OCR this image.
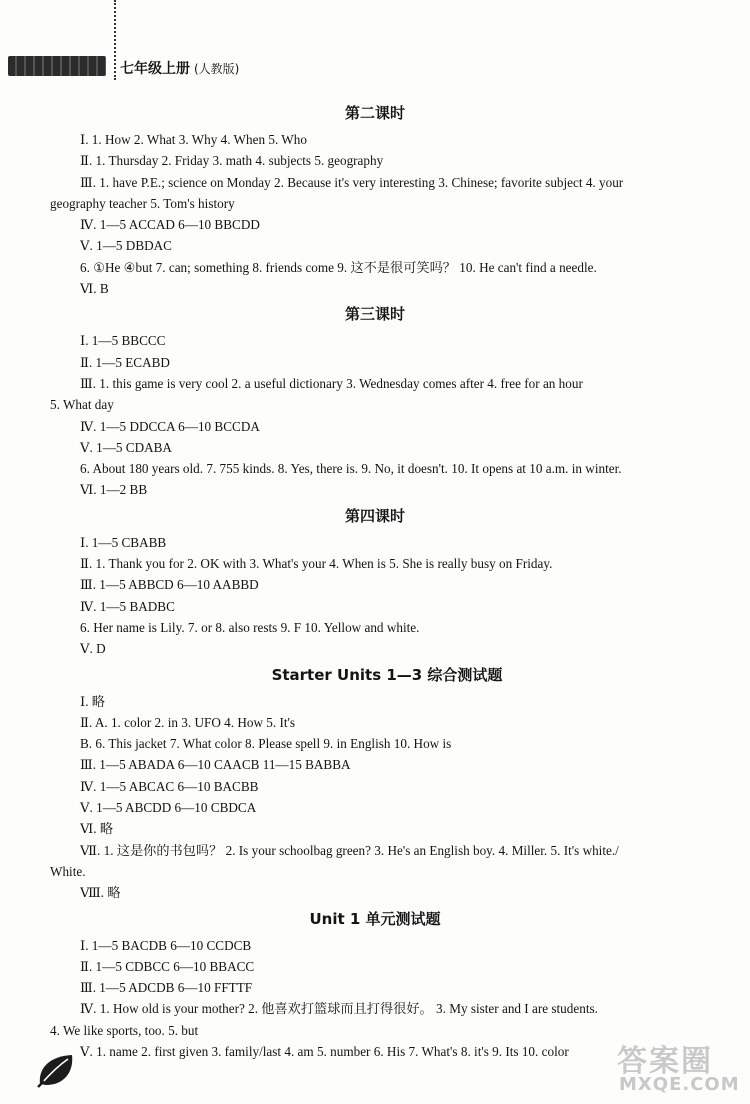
七年级上册 (人教版)
第二课时
Ⅰ. 1. How 2. What 3. Why 4. When 5. Who
Ⅱ. 1. Thursday 2. Friday 3. math 4. subjects 5. geography
Ⅲ. 1. have P.E.; science on Monday 2. Because it's very interesting 3. Chinese; favorite subject 4. your
geography teacher 5. Tom's history
Ⅳ. 1—5 ACCAD 6—10 BBCDD
Ⅴ. 1—5 DBDAC
6. ①He ④but 7. can; something 8. friends come 9. 这不是很可笑吗？ 10. He can't find a needle.
Ⅵ. B
第三课时
Ⅰ. 1—5 BBCCC
Ⅱ. 1—5 ECABD
Ⅲ. 1. this game is very cool 2. a useful dictionary 3. Wednesday comes after 4. free for an hour
5. What day
Ⅳ. 1—5 DDCCA 6—10 BCCDA
Ⅴ. 1—5 CDABA
6. About 180 years old. 7. 755 kinds. 8. Yes, there is. 9. No, it doesn't. 10. It opens at 10 a.m. in winter.
Ⅵ. 1—2 BB
第四课时
Ⅰ. 1—5 CBABB
Ⅱ. 1. Thank you for 2. OK with 3. What's your 4. When is 5. She is really busy on Friday.
Ⅲ. 1—5 ABBCD 6—10 AABBD
Ⅳ. 1—5 BADBC
6. Her name is Lily. 7. or 8. also rests 9. F 10. Yellow and white.
Ⅴ. D
Starter Units 1—3 综合测试题
Ⅰ. 略
Ⅱ. A. 1. color 2. in 3. UFO 4. How 5. It's
B. 6. This jacket 7. What color 8. Please spell 9. in English 10. How is
Ⅲ. 1—5 ABADA 6—10 CAACB 11—15 BABBA
Ⅳ. 1—5 ABCAC 6—10 BACBB
Ⅴ. 1—5 ABCDD 6—10 CBDCA
Ⅵ. 略
Ⅶ. 1. 这是你的书包吗？ 2. Is your schoolbag green? 3. He's an English boy. 4. Miller. 5. It's white./
White.
Ⅷ. 略
Unit 1 单元测试题
Ⅰ. 1—5 BACDB 6—10 CCDCB
Ⅱ. 1—5 CDBCC 6—10 BBACC
Ⅲ. 1—5 ADCDB 6—10 FFTTF
Ⅳ. 1. How old is your mother? 2. 他喜欢打篮球而且打得很好。 3. My sister and I are students.
4. We like sports, too. 5. but
Ⅴ. 1. name 2. first given 3. family/last 4. am 5. number 6. His 7. What's 8. it's 9. Its 10. color	答案圈
MXQE.COM
